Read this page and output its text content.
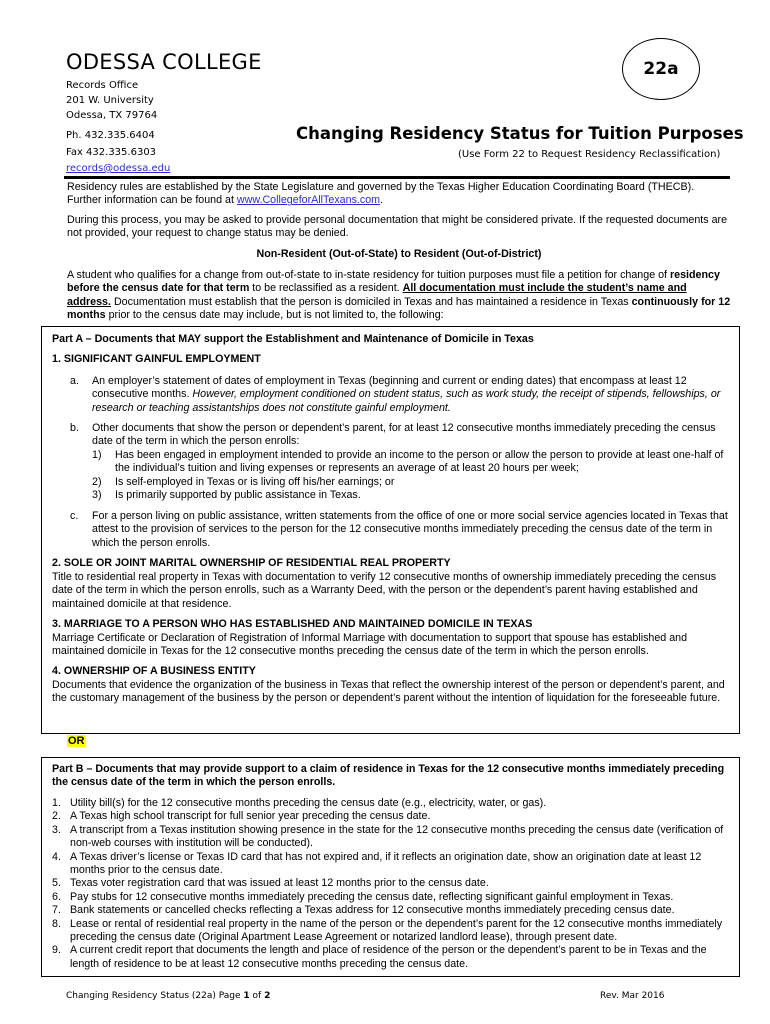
ODESSA COLLEGE
Records Office
201 W. University
Odessa, TX 79764
Ph. 432.335.6404
Fax 432.335.6303
records@odessa.edu
22a
Changing Residency Status for Tuition Purposes
(Use Form 22 to Request Residency Reclassification)
Residency rules are established by the State Legislature and governed by the Texas Higher Education Coordinating Board (THECB). Further information can be found at www.CollegeforAllTexans.com.
During this process, you may be asked to provide personal documentation that might be considered private. If the requested documents are not provided, your request to change status may be denied.
Non-Resident (Out-of-State) to Resident (Out-of-District)
A student who qualifies for a change from out-of-state to in-state residency for tuition purposes must file a petition for change of residency before the census date for that term to be reclassified as a resident. All documentation must include the student’s name and address. Documentation must establish that the person is domiciled in Texas and has maintained a residence in Texas continuously for 12 months prior to the census date may include, but is not limited to, the following:
Part A – Documents that MAY support the Establishment and Maintenance of Domicile in Texas
1. SIGNIFICANT GAINFUL EMPLOYMENT
a.	An employer’s statement of dates of employment in Texas (beginning and current or ending dates) that encompass at least 12 consecutive months. However, employment conditioned on student status, such as work study, the receipt of stipends, fellowships, or research or teaching assistantships does not constitute gainful employment.
b.	Other documents that show the person or dependent’s parent, for at least 12 consecutive months immediately preceding the census date of the term in which the person enrolls:
1)	Has been engaged in employment intended to provide an income to the person or allow the person to provide at least one-half of the individual’s tuition and living expenses or represents an average of at least 20 hours per week;
2)	Is self-employed in Texas or is living off his/her earnings; or
3)	Is primarily supported by public assistance in Texas.
c.	For a person living on public assistance, written statements from the office of one or more social service agencies located in Texas that attest to the provision of services to the person for the 12 consecutive months immediately preceding the census date of the term in which the person enrolls.
2. SOLE OR JOINT MARITAL OWNERSHIP OF RESIDENTIAL REAL PROPERTY
Title to residential real property in Texas with documentation to verify 12 consecutive months of ownership immediately preceding the census date of the term in which the person enrolls, such as a Warranty Deed, with the person or the dependent’s parent having established and maintained domicile at that residence.
3. MARRIAGE TO A PERSON WHO HAS ESTABLISHED AND MAINTAINED DOMICILE IN TEXAS
Marriage Certificate or Declaration of Registration of Informal Marriage with documentation to support that spouse has established and maintained domicile in Texas for the 12 consecutive months preceding the census date of the term in which the person enrolls.
4. OWNERSHIP OF A BUSINESS ENTITY
Documents that evidence the organization of the business in Texas that reflect the ownership interest of the person or dependent’s parent, and the customary management of the business by the person or dependent’s parent without the intention of liquidation for the foreseeable future.
OR
Part B – Documents that may provide support to a claim of residence in Texas for the 12 consecutive months immediately preceding the census date of the term in which the person enrolls.
1. Utility bill(s) for the 12 consecutive months preceding the census date (e.g., electricity, water, or gas).
2. A Texas high school transcript for full senior year preceding the census date.
3. A transcript from a Texas institution showing presence in the state for the 12 consecutive months preceding the census date (verification of non-web courses with institution will be conducted).
4. A Texas driver’s license or Texas ID card that has not expired and, if it reflects an origination date, show an origination date at least 12 months prior to the census date.
5. Texas voter registration card that was issued at least 12 months prior to the census date.
6. Pay stubs for 12 consecutive months immediately preceding the census date, reflecting significant gainful employment in Texas.
7. Bank statements or cancelled checks reflecting a Texas address for 12 consecutive months immediately preceding census date.
8. Lease or rental of residential real property in the name of the person or the dependent’s parent for the 12 consecutive months immediately preceding the census date (Original Apartment Lease Agreement or notarized landlord lease), through present date.
9. A current credit report that documents the length and place of residence of the person or the dependent’s parent to be in Texas and the length of residence to be at least 12 consecutive months preceding the census date.
Changing Residency Status (22a) Page 1 of 2	Rev. Mar 2016
